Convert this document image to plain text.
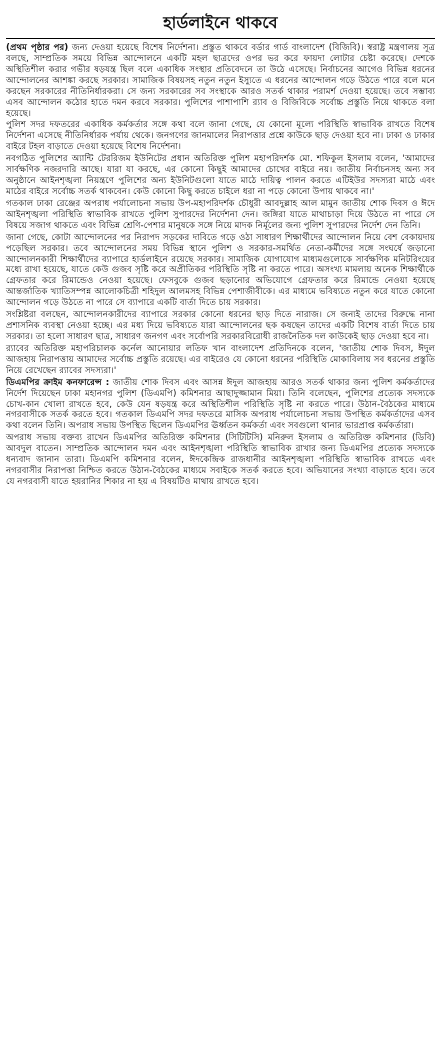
হার্ডলাইনে থাকবে

(প্রথম পৃষ্ঠার পর) জন্য দেওয়া হয়েছে বিশেষ নির্দেশনা। প্রস্তুত থাকবে বর্ডার গার্ড বাংলাদেশ (বিজিবি)। স্বরাষ্ট্র মন্ত্রণালয় সূত্র বলছে, সাম্প্রতিক সময়ে বিভিন্ন আন্দোলনে একটি মহল ছাত্রদের ওপর ভর করে ফায়দা লোটার চেষ্টা করেছে। দেশকে অস্থিতিশীল করার গভীর ষড়যন্ত্র ছিল বলে একাধিক সংস্থার প্রতিবেদনে তা উঠে এসেছে। নির্বাচনের আগেও বিভিন্ন ধরনের আন্দোলনের আশঙ্কা করছে সরকার। সামাজিক বিষয়সহ নতুন নতুন ইস্যুতে এ ধরনের আন্দোলন গড়ে উঠতে পারে বলে মনে করছেন সরকারের নীতিনির্ধারকরা। সে জন্য সরকারের সব সংস্থাকে আরও সতর্ক থাকার পরামর্শ দেওয়া হয়েছে। তবে সম্ভাব্য এসব আন্দোলন কঠোর হাতে দমন করবে সরকার। পুলিশের পাশাপাশি র‍্যাব ও বিজিবিকে সর্বোচ্চ প্রস্তুতি নিয়ে থাকতে বলা হয়েছে।

পুলিশ সদর দফতরের একাধিক কর্মকর্তার সঙ্গে কথা বলে জানা গেছে, যে কোনো মূল্যে পরিস্থিতি স্বাভাবিক রাখতে বিশেষ নির্দেশনা এসেছে নীতিনির্ধারক পর্যায় থেকে। জনগণের জানমালের নিরাপত্তার প্রশ্নে কাউকে ছাড় দেওয়া হবে না। ঢাকা ও ঢাকার বাইরে টহল বাড়াতে দেওয়া হয়েছে বিশেষ নির্দেশনা।

নবগঠিত পুলিশের অ্যান্টি টেররিজম ইউনিটের প্রধান অতিরিক্ত পুলিশ মহাপরিদর্শক মো. শফিকুল ইসলাম বলেন, 'আমাদের সার্বক্ষণিক নজরদারি আছে। যারা যা করছে, এর কোনো কিছুই আমাদের চোখের বাইরে নয়। জাতীয় নির্বাচনসহ অন্য সব অনুষ্ঠানে আইনশৃঙ্খলা নিয়ন্ত্রণে পুলিশের অন্য ইউনিটগুলো যাতে মাঠে দায়িত্ব পালন করতে এটিইউর সদস্যরা মাঠে এবং মাঠের বাইরে সর্বোচ্চ সতর্ক থাকবেন। কেউ কোনো কিছু করতে চাইলে ধরা না পড়ে কোনো উপায় থাকবে না।'

গতকাল ঢাকা রেঞ্জের অপরাধ পর্যালোচনা সভায় উপ-মহাপরিদর্শক চৌধুরী আবদুল্লাহ আল মামুন জাতীয় শোক দিবস ও ঈদে আইনশৃঙ্খলা পরিস্থিতি স্বাভাবিক রাখতে পুলিশ সুপারদের নির্দেশনা দেন। জঙ্গিরা যাতে মাথাচাড়া দিয়ে উঠতে না পারে সে বিষয়ে সজাগ থাকতে এবং বিভিন্ন শ্রেণি-পেশার মানুষকে সঙ্গে নিয়ে মাদক নির্মূলের জন্য পুলিশ সুপারদের নির্দেশ দেন তিনি।

জানা গেছে, কোটা আন্দোলনের পর নিরাপদ সড়কের দাবিতে গড়ে ওঠা সাধারণ শিক্ষার্থীদের আন্দোলন নিয়ে বেশ বেকায়দায় পড়েছিল সরকার। তবে আন্দোলনের সময় বিভিন্ন স্থানে পুলিশ ও সরকার-সমর্থিত নেতা-কর্মীদের সঙ্গে সংঘর্ষে জড়ানো আন্দোলনকারী শিক্ষার্থীদের ব্যাপারে হার্ডলাইনে রয়েছে সরকার। সামাজিক যোগাযোগ মাধ্যমগুলোকে সার্বক্ষণিক মনিটরিংয়ের মধ্যে রাখা হয়েছে, যাতে কেউ গুজব সৃষ্টি করে অপ্রীতিকর পরিস্থিতি সৃষ্টি না করতে পারে। অসংখ্য মামলায় অনেক শিক্ষার্থীকে গ্রেফতার করে রিমান্ডেও নেওয়া হয়েছে। ফেসবুকে গুজব ছড়ানোর অভিযোগে গ্রেফতার করে রিমান্ডে নেওয়া হয়েছে আন্তর্জাতিক খ্যাতিসম্পন্ন আলোকচিত্রী শহিদুল আলমসহ বিভিন্ন পেশাজীবীকে। এর মাধ্যমে ভবিষ্যতে নতুন করে যাতে কোনো আন্দোলন গড়ে উঠতে না পারে সে ব্যাপারে একটি বার্তা দিতে চায় সরকার।

সংশ্লিষ্টরা বলছেন, আন্দোলনকারীদের ব্যাপারে সরকার কোনো ধরনের ছাড় দিতে নারাজ। সে জন্যই তাদের বিরুদ্ধে নানা প্রশাসনিক ব্যবস্থা নেওয়া হচ্ছে। এর মধ্য দিয়ে ভবিষ্যতে যারা আন্দোলনের ছক কষছেন তাদের একটি বিশেষ বার্তা দিতে চায় সরকার। তা হলো সাধারণ ছাত্র, সাধারণ জনগণ এবং সর্বোপরি সরকারবিরোধী রাজনৈতিক দল কাউকেই ছাড় দেওয়া হবে না।

র‍্যাবের অতিরিক্ত মহাপরিচালক কর্নেল আনোয়ার লতিফ খান বাংলাদেশ প্রতিদিনকে বলেন, 'জাতীয় শোক দিবস, ঈদুল আজহায় নিরাপত্তায় আমাদের সর্বোচ্চ প্রস্তুতি রয়েছে। এর বাইরেও যে কোনো ধরনের পরিস্থিতি মোকাবিলায় সব ধরনের প্রস্তুতি নিয়ে রেখেছেন র‍্যাবের সদস্যরা।'

ডিএমপির ক্রাইম কনফারেন্স : জাতীয় শোক দিবস এবং আসন্ন ঈদুল আজহায় আরও সতর্ক থাকার জন্য পুলিশ কর্মকর্তাদের নির্দেশ দিয়েছেন ঢাকা মহানগর পুলিশ (ডিএমপি) কমিশনার আছাদুজ্জামান মিয়া। তিনি বলেছেন, পুলিশের প্রত্যেক সদস্যকে চোখ-কান খোলা রাখতে হবে, কেউ যেন ষড়যন্ত্র করে অস্থিতিশীল পরিস্থিতি সৃষ্টি না করতে পারে। উঠান-বৈঠকের মাধ্যমে নগরবাসীকে সতর্ক করতে হবে। গতকাল ডিএমপি সদর দফতরে মাসিক অপরাধ পর্যালোচনা সভায় উপস্থিত কর্মকর্তাদের এসব কথা বলেন তিনি। অপরাধ সভায় উপস্থিত ছিলেন ডিএমপির ঊর্ধ্বতন কর্মকর্তা এবং সবগুলো থানার ভারপ্রাপ্ত কর্মকর্তারা।

অপরাধ সভায় বক্তব্য রাখেন ডিএমপির অতিরিক্ত কমিশনার (সিটিটিসি) মনিরুল ইসলাম ও অতিরিক্ত কমিশনার (ডিবি) আবদুল বাতেন। সাম্প্রতিক আন্দোলন দমন এবং আইনশৃঙ্খলা পরিস্থিতি স্বাভাবিক রাখার জন্য ডিএমপির প্রত্যেক সদস্যকে ধন্যবাদ জানান তারা। ডিএমপি কমিশনার বলেন, ঈদকেন্দ্রিক রাজধানীর আইনশৃঙ্খলা পরিস্থিতি স্বাভাবিক রাখতে এবং নগরবাসীর নিরাপত্তা নিশ্চিত করতে উঠান-বৈঠকের মাধ্যমে সবাইকে সতর্ক করতে হবে। অভিযানের সংখ্যা বাড়াতে হবে। তবে যে নগরবাসী যাতে হয়রানির শিকার না হয় এ বিষয়টিও মাথায় রাখতে হবে।
